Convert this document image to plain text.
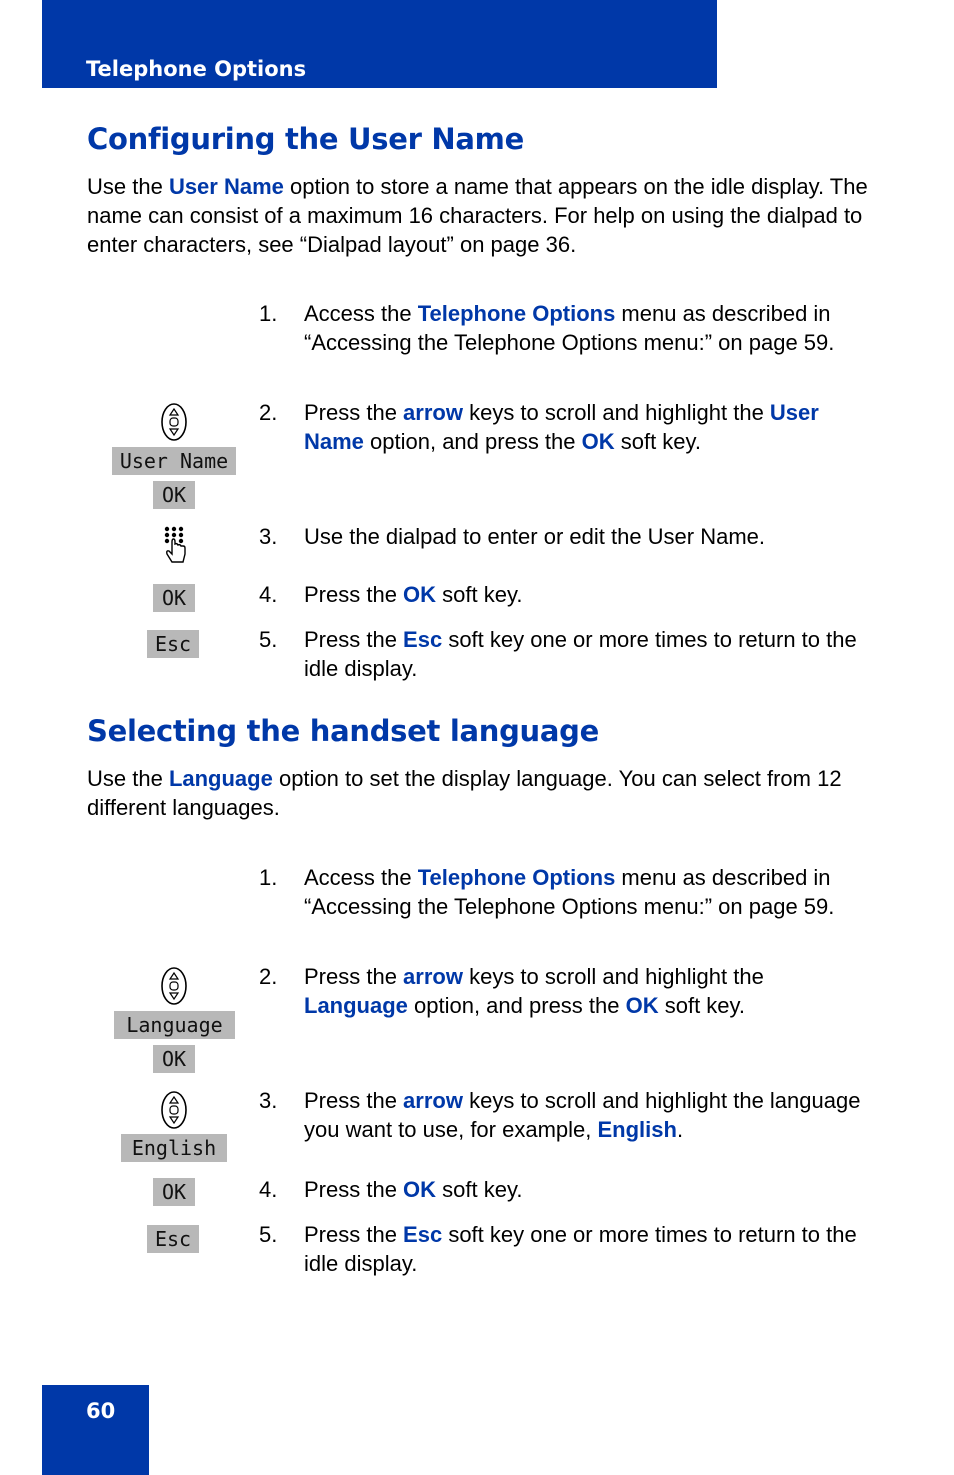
Telephone Options
Configuring the User Name

Use the User Name option to store a name that appears on the idle display. The name can consist of a maximum 16 characters. For help on using the dialpad to enter characters, see “Dialpad layout” on page 36.

1. Access the Telephone Options menu as described in “Accessing the Telephone Options menu:” on page 59.
2. Press the arrow keys to scroll and highlight the User Name option, and press the OK soft key.
3. Use the dialpad to enter or edit the User Name.
4. Press the OK soft key.
5. Press the Esc soft key one or more times to return to the idle display.
User Name
OK
OK
Esc
Selecting the handset language

Use the Language option to set the display language. You can select from 12 different languages.

1. Access the Telephone Options menu as described in “Accessing the Telephone Options menu:” on page 59.
2. Press the arrow keys to scroll and highlight the Language option, and press the OK soft key.
3. Press the arrow keys to scroll and highlight the language you want to use, for example, English.
4. Press the OK soft key.
5. Press the Esc soft key one or more times to return to the idle display.
Language
OK
English
OK
Esc
60
